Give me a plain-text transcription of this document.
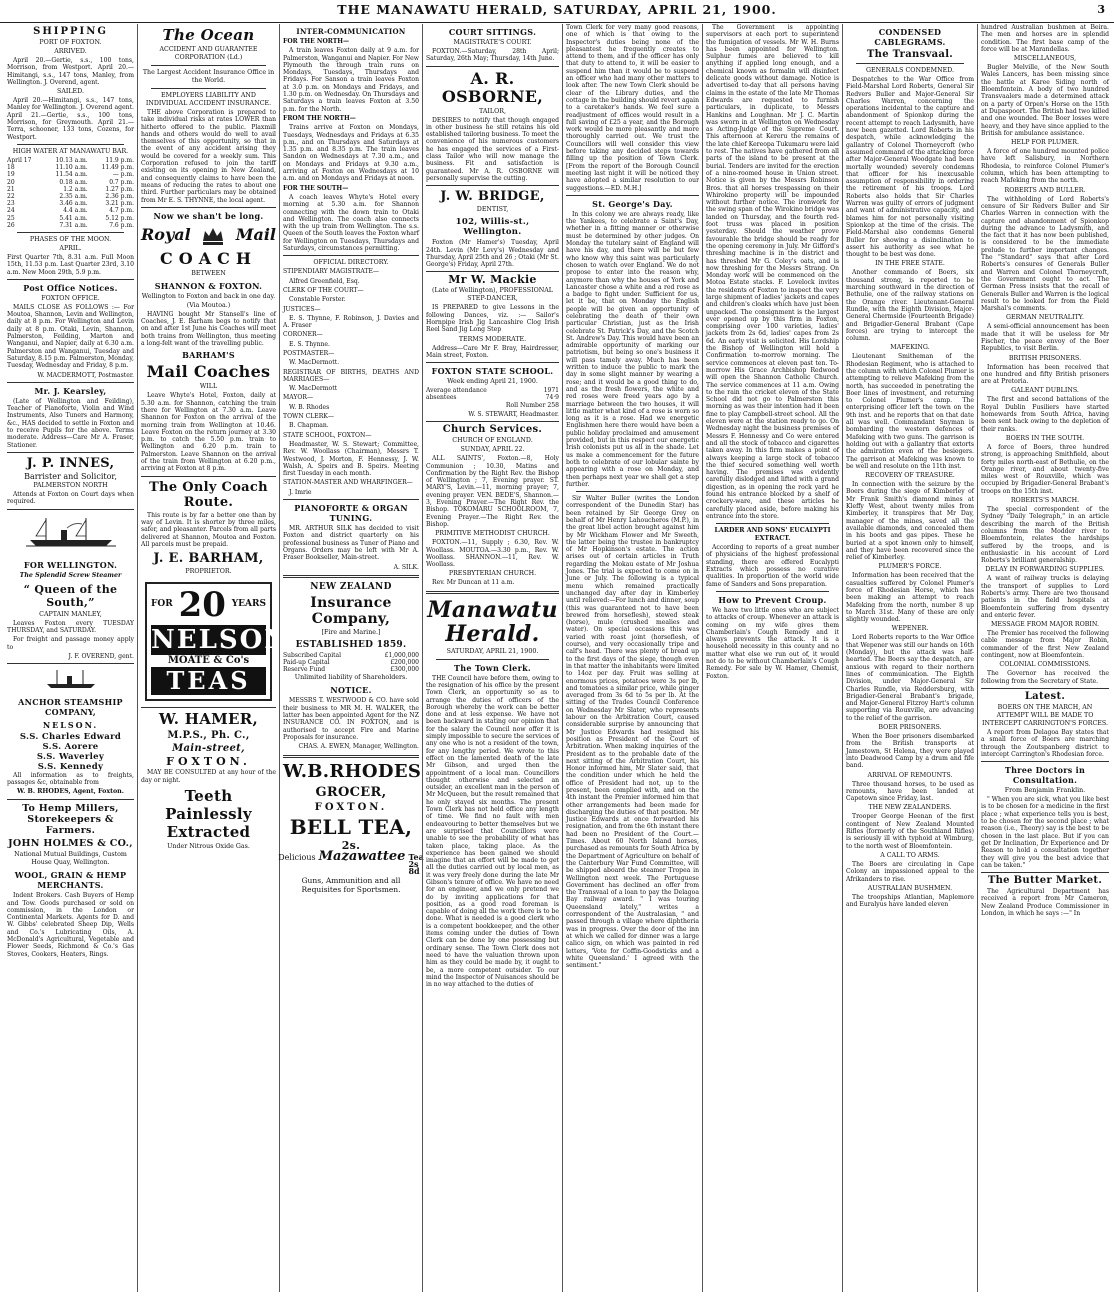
THE MANAWATU HERALD, SATURDAY, APRIL 21, 1900.	3
SHIPPING
PORT OF FOXTON.
ARRIVED.
April 20.—Gertie, s.s., 100 tons, Morrison, from Westport. April 20.—Himitangi, s.s., 147 tons, Manley, from Wellington. J. Overend, agent.
SAILED.
April 20.—Himitangi, s.s., 147 tons, Manley for Wellington. J. Overend agent. April 21.—Gertie, s.s., 100 tons, Morrison, for Greymouth. April 21.—Terra, schooner, 133 tons, Cozens, for Westport.
HIGH WATER AT MANAWATU BAR.
April 17	10.13 a.m.	11.9 p.m.
18	11.10 a.m.	11.49 p.m.
19	11.54 a.m.	— p.m.
20	0.18 a.m.	0.7 p.m.
21	1.2 a.m.	1.27 p.m.
22	2.35 a.m.	2.36 p.m.
23	3.46 a.m.	3.21 p.m.
24	4.4 a.m.	4.7 p.m.
25	5.41 a.m.	5.12 p.m.
26	7.31 a.m.	7.6 p.m.
PHASES OF THE MOON.
APRIL.
First Quarter 7th, 8.31 a.m. Full Moon 15th, 11.53 p.m. Last Quarter 23rd, 3.10 a.m. New Moon 29th, 5.9 p.m.
Post Office Notices.
FOXTON OFFICE.
MAILS CLOSE AS FOLLOWS :— For Moutoa, Shannon, Levin and Wellington, daily at 8 p.m. For Wellington and Levin daily at 8 p.m. Otaki, Levin, Shannon, Palmerston, Feilding, Marton and Wanganui, and Napier, daily at 6.30 a.m. Palmerston and Wanganui, Tuesday and Saturday, 8.15 p.m. Palmerston, Monday, Tuesday, Wednesday and Friday, 8 p.m.
W. MACDERMOTT, Postmaster.
Mr. J. Kearsley,
(Late of Wellington and Feilding), Teacher of Pianoforte, Violin and Wind Instruments, Also Tuners and Harmony, &c., HAS decided to settle in Foxton and to receive Pupils for the above. Terms moderate. Address—Care Mr A. Fraser, Stationer.
J. P. INNES,
Barrister and Solicitor,
PALMERSTON NORTH
Attends at Foxton on Court days when required.
FOR WELLINGTON.
The Splendid Screw Steamer
“ Queen of the South,”
CAPTAIN MANLEY,
Leaves Foxton every TUESDAY THURSDAY, and SATURDAY.
For freight and passage money apply to
J. F. OVEREND, gent.
ANCHOR STEAMSHIP COMPANY,
NELSON.
S.S. Charles Edward
S.S. Aorere
S.S. Waverley
S.S. Kennedy
All information as to freights, passages &c, obtainable from
W. B. RHODES, Agent, Foxton.
To Hemp Millers, Storekeepers & Farmers.
JOHN HOLMES & CO.,
National Mutual Buildings, Custom House Quay, Wellington.
WOOL, GRAIN & HEMP MERCHANTS.
Indent Brokers. Cash Buyers of Hemp and Tow. Goods purchased or sold on commission, in the London or Continental Markets. Agents for D. and W. Gibbs' celebrated Sheep Dip, Wells and Co.'s Lubricating Oils, A. McDonald's Agricultural, Vegetable and Flower Seeds, Richmond & Co.'s Gas Stoves, Cookers, Heaters, Rings.
The Ocean
ACCIDENT AND GUARANTEE CORPORATION (Ld.)
The Largest Accident Insurance Office in the World.
EMPLOYERS LIABILITY AND INDIVIDUAL ACCIDENT INSURANCE.
THE above Corporation is prepared to take individual risks at rates LOWER than hitherto offered to the public. Plaxmill hands and others would do well to avail themselves of this opportunity, so that in the event of any accident arising they would be covered for a weekly sum. This Corporation refused to join the tariff existing on its opening in New Zealand, and consequently claims to have been the means of reducing the rates to about one third. Further particulars may be obtained from Mr E. S. THYNNE, the local agent.
Now we shan't be long.
Royal	Mail
COACH
BETWEEN
SHANNON & FOXTON.
Wellington to Foxton and back in one day.
(Via Moutoa.)
HAVING bought Mr Stansell's line of Coaches, J. E. Barham begs to notify that on and after 1st June his Coaches will meet both trains from Wellington, thus meeting a long-felt want of the travelling public.
BARHAM'S
Mail Coaches
WILL
Leave Whyte's Hotel, Foxton, daily at 5.30 a.m. for Shannon, catching the train there for Wellington at 7.30 a.m. Leave Shannon for Foxton on the arrival of the morning train from Wellington at 10.46. Leave Foxton on the return journey at 3.30 p.m. to catch the 5.50 p.m. train to Wellington and 6.20 p.m. train to Palmerston. Leave Shannon on the arrival of the train from Wellington at 6.20 p.m., arriving at Foxton at 8 p.m.
The Only Coach Route.
This route is by far a better one than by way of Levin. It is shorter by three miles, safer, and pleasanter. Parcels from all parts delivered at Shannon, Moutoa and Foxton. All parcels must be prepaid.
J. E. BARHAM,
PROPRIETOR.
FOR 20 YEARS
NELSON
MOATE & Co's
TEAS
W. HAMER,
M.P.S., Ph. C.,
Main-street,
FOXTON.
MAY BE CONSULTED at any hour of the day or night.
Teeth Painlessly Extracted
Under Nitrous Oxide Gas.
INTER-COMMUNICATION
FOR THE NORTH—
A train leaves Foxton daily at 9 a.m. for Palmerston, Wanganui and Napier. For New Plymouth the through train runs on Mondays, Tuesdays, Thursdays and Fridays. For Sanson a train leaves Foxton at 3.0 p.m. on Mondays and Fridays, and 1.30 p.m. on Wednesday. On Thursdays and Saturdays a train leaves Foxton at 3.50 p.m. for the North.
FROM THE NORTH—
Trains arrive at Foxton on Mondays, Tuesdays, Wednesdays and Fridays at 6.35 p.m., and on Thursdays and Saturdays at 1.35 p.m. and 8.35 p.m. The train leaves Sandon on Wednesdays at 7.30 a.m., and on Mondays and Fridays at 9.30 a.m., arriving at Foxton on Wednesdays at 10 a.m. and on Mondays and Fridays at noon.
FOR THE SOUTH—
A coach leaves Whyte's Hotel every morning at 5.30 a.m. for Shannon connecting with the down train to Otaki and Wellington. The coach also connects with the up train from Wellington. The s.s. Queen of the South leaves the Foxton wharf for Wellington on Tuesdays, Thursdays and Saturdays, circumstances permitting.
OFFICIAL DIRECTORY.
STIPENDIARY MAGISTRATE—
Alfred Greenfield, Esq.
CLERK OF THE COURT—
Constable Forster.
JUSTICES—
E. S. Thynne, F. Robinson, J. Davies and A. Fraser
CORONER—
E. S. Thynne.
POSTMASTER—
W. MacDermott.
REGISTRAR OF BIRTHS, DEATHS AND MARRIAGES—
W. MacDermott
MAYOR—
W. B. Rhodes
TOWN CLERK—
B. Chapman.
STATE SCHOOL, FOXTON—
Headmaster, W. S. Stewart; Committee, Rev. W. Woollass (Chairman), Messrs T. Westwood, J. Morton, F. Hennessy, J. W. Walsh, A. Speirs and B. Speirs. Meeting first Tuesday in each month.
STATION-MASTER AND WHARFINGER—
J. Imrie
PIANOFORTE & ORGAN TUNING.
MR. ARTHUR SILK has decided to visit Foxton and district quarterly on his professional business as Tuner of Piano and Organs. Orders may be left with Mr A. Fraser Bookseller, Main-street.
A. SILK.
NEW ZEALAND
Insurance Company,
[Fire and Marine.]
ESTABLISHED 1859.
Subscribed Capital	£1,000,000
Paid-up Capital	£200,000
Reserve Fund	£300,000
Unlimited liability of Shareholders.
NOTICE.
MESSRS T. WESTWOOD & CO. have sold their business to MR M. H. WALKER, the latter has been appointed Agent for the NZ INSURANCE CO. IN FOXTON, and is authorised to accept Fire and Marine Proposals for insurance.
CHAS. A. EWEN, Manager, Wellington.
W.B.RHODES
GROCER,
FOXTON.
BELL TEA,
2s.
Delicious Mazawattee Tea 2s 8d
Guns, Ammunition and all Requisites for Sportsmen.
COURT SITTINGS.
MAGISTRATE'S COURT.
FOXTON.—Saturday, 28th April; Saturday, 26th May; Thursday, 14th June.
A. R. OSBORNE,
TAILOR,
DESIRES to notify that though engaged in other business he still retains his old established tailoring business. To meet the convenience of his numerous customers he has engaged the services of a First-class Tailor who will now manage the business. Fit and satisfaction is guaranteed. Mr A. R. OSBORNE will personally supervise the cutting.
J. W. BRIDGE,
DENTIST,
102, Willis-st., Wellington.
Foxton (Mr Hamer's) Tuesday, April 24th. Levin (Mr Levy's) Wednesday and Thursday, April 25th and 26 ; Otaki (Mr St. George's) Friday, April 27th.
Mr W. Mackie
(Late of Wellington), PROFESSIONAL STEP-DANCER,
IS PREPARED to give Lessons in the following Dances, viz. :— Sailor's Hornpipe Irish Jig Lancashire Clog Irish Reel Sand Jig Long Step
TERMS MODERATE.
Address—Care Mr F. Bray, Hairdresser, Main street, Foxton.
FOXTON STATE SCHOOL.
Week ending April 21, 1900.
Average attendance	1971
absentees	74·9
Roll Number 258
W. S. STEWART, Headmaster.
Church Services.
CHURCH OF ENGLAND.
SUNDAY, APRIL 22.
ALL SAINTS', Foxton.—8, Holy Communion ; 10.30, Matins and Confirmation by the Right Rev. the Bishop of Wellington ; 7, Evening prayer. ST. MARY'S, Levin.—11, morning prayer; 7, evening prayer. VEN. BEDE'S, Shannon.— 3, Evening Prayer.—The Right Rev. the Bishop. TOKOMARU SCHOOLROOM, 7, Evening Prayer.—The Right Rev. the Bishop.
PRIMITIVE METHODIST CHURCH.
FOXTON.—11, Supply ; 6.30, Rev. W. Woollass. MOUTOA.—3.30 p.m., Rev. W. Woollass. SHANNON.—11, Rev. W. Woollass.
PRESBYTERIAN CHURCH.
Rev. Mr Duncan at 11 a.m.
Manawatu Herald.
SATURDAY, APRIL 21, 1900.
The Town Clerk.
THE Council have before them, owing to the resignation of his office by the present Town Clerk, an opportunity so as to arrange the duties of officers of the Borough whereby the work can be better done and at less expense. We have not been backward in stating our opinion that for the salary the Council now offer it is simply impossible to secure the services of any one who is not a resident of the town, for any lengthy period. We wrote to this effect on the lamented death of the late Mr Gibson, and urged then the appointment of a local man. Councillors thought otherwise and selected an outsider, an excellent man in the person of Mr McQueen, but the result remained that he only stayed six months. The present Town Clerk has not held office any length of time. We find no fault with men endeavouring to better themselves but we are surprised that Councillors were unable to see the probability of what has taken place, taking place. As the experience has been gained we should imagine that an effort will be made to get all the duties carried out by local men, as it was very freely done during the late Mr Gibson's tenure of office. We have no need for an engineer, and we only pretend we do by inviting applications for that position, as a good road foreman is capable of doing all the work there is to be done. What is needed is a good clerk who is a competent bookkeeper, and the other items coming under the duties of Town Clerk can be done by one possessing but ordinary sense. The Town Clerk does not need to have the valuation thrown upon him as they could be made by, it ought to be, a more competent outsider. To our mind the Inspector of Nuisances should be in no way attached to the duties of
Town Clerk for very many good reasons, one of which is that owing to the Inspector's duties being none of the pleasantest he frequently creates to attend to them, and if the officer has only that duty to attend to, it will be easier to suspend him than it would be to suspend an officer who had many other matters to look after. The new Town Clerk should be clear of the Library duties, and the cottage in the building should revert again to a caretaker's hands. We feel sure a readjustment of offices would result in a full saving of £25 a year, and the Borough work would be more pleasantly and more thoroughly carried out. We trust the Councillors will well consider this view before taking any decided steps towards filling up the position of Town Clerk. [From the report of the Borough Council meeting last night it will be noticed they have adopted a similar resolution to our suggestions.—ED. M.H.]
St. George's Day.
In this colony we are always ready, like the Yankees, to celebrate a Saint's Day, whether in a fitting manner or otherwise must be determined by other judges. On Monday the tutelary saint of England will have his day, and there will be but few who know why this saint was particularly chosen to watch over England. We do not propose to enter into the reason why, anymore than why the houses of York and Lancaster chose a white and a red rose as a badge to fight under. Sufficient for us, let it be, that on Monday the English people will be given an opportunity of celebrating the death of their own particular Christian, just as the Irish celebrate St. Patrick's Day, and the Scotch St. Andrew's Day. This would have been an admirable opportunity of marking our patriotism, but being so one's business it will pass tamely away. Much has been written to induce the public to mark the day in some slight manner by wearing a rose; and it would be a good thing to do, and as the fresh flowers, the white and red roses were freed years ago by a marriage between the two houses, it will little matter what kind of a rose is worn so long as it is a rose. Had we energetic Englishmen here there would have been a public holiday proclaimed and amusement provided, but in this respect our energetic Irish colonists put us all in the shade. Let us make a commencement for the future both to celebrate of our lobular sainte by appearing with a rose on Monday, and then perhaps next year we shall get a step further.
Sir Walter Buller (writes the London correspondent of the Dunedin Star) has been retained by Sir George Grey on behalf of Mr Henry Lahoucheros (M.P.), in the great libel action brought against him by Mr Wickham Flower and Mr Sweeth, the latter being the trustee in bankruptcy of Mr Hopkinson's estate. The action arises out of certain articles in Truth regarding the Mokau estate of Mr Joshua Jones. The trial is expected to come on in June or July. The following is a typical menu which remained practically unchanged day after day in Kimberley until relieved:—For lunch and dinner, soup (this was guaranteed not to have been brewed from horseflesh), stewed steak (horse), mule (crushed mealies and water). On special occasions this was varied with roast joint (horseflesh, of course), and very occasionally tripe and calf's head. There was plenty of bread up to the first days of the siege, though even in that matter the inhabitants were limited to 14oz per day. Fruit was selling at enormous prices, potatoes were 3s per lb, and tomatoes a similar price, while ginger averaged from 3s 6d to 5s per lb. At the sitting of the Trades Council Conference on Wednesday Mr Slater, who represents labour on the Arbitration Court, caused considerable surprise by announcing that Mr Justice Edwards had resigned his position as President of the Court of Arbitration. When making inquiries of the President as to the probable date of the next sitting of the Arbitration Court, his Honor informed him, Mr Slater said, that the condition under which he held the office of President had not, up to the present, been complied with, and on the 4th instant the Premier informed him that other arrangements had been made for discharging the duties of that position. Mr Justice Edwards at once forwarded his resignation, and from the 6th instant there had been no President of the Court.—Times. About 60 North Island horses, purchased as remounts for South Africa by the Department of Agriculture on behalf of the Canterbury War Fund Committee, will be shipped aboard the steamer Tropea in Wellington next week. The Portuguese Government has declined an offer from the Transvaal of a loan to pay the Delagoa Bay railway award. " I was touring Queensland lately," writes a correspondent of the Australasian, " and passed through a village where diphtheria was in progress. Over the door of the inn at which we called for dinner was a large calico sign, on which was painted in red letters, 'Vote for Coffin-Goodsticks and a white Queensland.' I agreed with the sentiment."
The Government is appointing supervisors at each port to superintend the fumigation of vessels. Mr W. H. Burns has been appointed for Wellington. Sulphur fumes are believed to kill anything if applied long enough, and a chemical known as formalin will disinfect delicate goods without damage. Notice is advertised to-day that all persons having claims in the estate of the late Mr Thomas Edwards are requested to furnish particulars, in duplicate, to Messrs Hankins and Loughnan. Mr J. C. Martin was sworn in at Wellington on Wednesday as Acting-Judge of the Supreme Court. This afternoon at Kereru the remains of the late chief Kereopa Tukumaru were laid to rest. The natives have gathered from all parts of the island to be present at the burial. Tenders are invited for the erection of a nine-roomed house in Union street. Notice is given by the Messrs Robinson Bros. that all horses trespassing on their Whirokino property will be impounded without further notice. The ironwork for the swing span of the Wirokino bridge was landed on Thursday, and the fourth red-foot truss was placed in position yesterday. Should the weather prove favourable the bridge should be ready for the opening ceremony in July. Mr Gifford's threshing machine is in the district and has threshed Mr G. Coley's oats, and is now threshing for the Messrs Strang. On Monday work will be commenced on the Motoa Estate stacks. F. Lovelock invites the residents of Foxton to inspect the very large shipment of ladies' jackets and capes and children's cloaks which have just been unpacked. The consignment is the largest ever opened up by this firm in Foxton, comprising over 100 varieties, ladies' jackets from 2s 6d, ladies' capes from 2s 6d. An early visit is solicited. His Lordship the Bishop of Wellington will hold a Confirmation to-morrow morning. The service commences at eleven past ten. To-morrow His Grace Archbishop Redwood will open the Shannon Catholic Church. The service commences at 11 a.m. Owing to the rain the cricket eleven of the State School did not go to Palmerston this morning as was their intention had it been fine to play Campbell-street school. All the eleven were at the station ready to go. On Wednesday night the business premises of Messrs F. Hennessy and Co were entered and all the stock of tobacco and cigarettes taken away. In this firm makes a point of always keeping a large stock of tobacco the thief secured something well worth having. The premises was evidently carefully dislodged and lifted with a grand digestion, as in opening the rock yard he found his entrance blocked by a shelf of crockery-ware, and these articles he carefully placed aside, before making his entrance into the store.
LARDER AND SONS' EUCALYPTI EXTRACT.
According to reports of a great number of physicians of the highest professional standing, there are offered Eucalypti Extracts which possess no curative qualities. In proportion of the world wide fame of Sanders and Sons preparation.
How to Prevent Croup.
We have two little ones who are subject to attacks of croup. Whenever an attack is coming on my wife gives them Chamberlain's Cough Remedy and it always prevents the attack. It is a household necessity in this county and no matter what else we run out of, it would not do to be without Chamberlain's Cough Remedy. For sale by W. Hamer, Chemist, Foxton.
CONDENSED CABLEGRAMS.
The Transvaal.
GENERALS CONDEMNED.
Despatches to the War Office from Field-Marshal Lord Roberts, General Sir Redvers Buller and Major-General Sir Charles Warren, concerning the operations incidental to the capture and abandonment of Spionkop during the recent attempt to reach Ladysmith, have now been gazetted. Lord Roberts in his despatch, while acknowledging the gallantry of Colonel Thorneycroft (who assumed command of the attacking force after Major-General Woodgate had been mortally wounded) severely condemns that officer for his inexcusable assumption of responsibility in ordering the retirement of his troops. Lord Roberts also holds that Sir Charles Warren was guilty of errors of judgment and want of administrative capacity, and blames him for not personally visiting Spionkop at the time of the crisis. The Field-Marshal also condemns General Buller for showing a disinclination to assert his authority as see what he thought to be best was done.
IN THE FREE STATE.
Another commando of Boers, six thousand strong, is reported to be marching southward in the direction of Bethulie, one of the railway stations on the Orange river. Lieutenant-General Rundle, with the Eighth Division, Major-General Chermside (Fourteenth Brigade) and Brigadier-General Brabant (Cape forces) are trying to intercept the column.
MAFEKING.
Lieutenant Smitheman of the Rhodesian Regiment, who is attached to the column with which Colonel Plumer is attempting to relieve Mafeking from the north, has succeeded in penetrating the Boer lines of investment, and returning to Colonel Plumer's camp. The enterprising officer left the town on the 9th inst. and he reports that on that date all was well. Commandant Snyman is bombarding the western defences of Mafeking with two guns. The garrison is holding out with a gallantry that extorts the admiration even of the besiegers. The garrison at Mafeking was known to be well and resolute on the 11th inst.
RECOVERY OF TREASURE.
In connection with the seizure by the Boers during the siege of Kimberley of Mr Frank Smith's diamond mines at Kleffy West, about twenty miles from Kimberley, it transpires that Mr Day, manager of the mines, saved all the available diamonds, and concealed them in his boots and gas pipes. These he buried at a spot known only to himself, and they have been recovered since the relief of Kimberley.
PLUMER'S FORCE.
Information has been received that the casualties suffered by Colonel Plumer's force of Rhodesian Horse, which has been making an attempt to reach Mafeking from the north, number 8 up to March 31st. Many of these are only slightly wounded.
WEPENER.
Lord Roberts reports to the War Office that Wepener was still our hands on 16th (Monday), but the attack was half-hearted. The Boers say the despatch, are anxious with regard to their northern lines of communication. The Eighth Division, under Major-General Sir Charles Rundle, via Reddersburg, with Brigadier-General Brabant's brigade, and Major-General Fitzroy Hart's column supporting via Rouxville, are advancing to the relief of the garrison.
BOER PRISONERS.
When the Boer prisoners disembarked from the British transports at Jamestown, St Helena, they were played into Deadwood Camp by a drum and fife band.
ARRIVAL OF REMOUNTS.
Three thousand horses, to be used as remounts, have been landed at Capetown since Friday, last.
THE NEW ZEALANDERS.
Trooper George Heenan of the first contingent of New Zealand Mounted Rifles (formerly of the Southland Rifles) is seriously ill with typhoid at Wimburg, to the north west of Bloemfontein.
A CALL TO ARMS.
The Boers are circulating in Cape Colony an impassioned appeal to the Afrikanders to rise.
AUSTRALIAN BUSHMEN.
The troopships Atlantian, Maplemore and Euralyus have landed eleven
hundred Australian bushmen at Beira. The men and horses are in splendid condition. The first base camp of the force will be at Marandellas.
MISCELLANEOUS,
Bugler Melville, of the New South Wales Lancers, has been missing since the battle at Karee Siding north of Bloemfontein. A body of two hundred Transvaalers made a determined attack on a party of Orpen's Horse on the 15th at Dupaspoort. The British had two killed and one wounded. The Boer losses were heavy, and they have since applied to the British for ambulance assistance.
HELP FOR PLUMER.
A force of one hundred mounted police have left Salisbury, in Northern Rhodesia, to reinforce Colonel Plumer's column, which has been attempting to reach Mafeking from the north.
ROBERTS AND BULLER.
The withholding of Lord Roberts's censure of Sir Redvers Buller and Sir Charles Warren in connection with the capture and abandonment of Spionkop during the advance to Ladysmith, and the fact that it has now been published, is considered to be the immediate prelude to further important changes. The "Standard" says that after Lord Roberts's censures of Generals Buller and Warren and Colonel Thorneycroft, the Government ought to act. The German Press insists that the recall of Generals Buller and Warren is the logical result to be looked for from the Field Marshal's comments.
GERMAN NEUTRALITY.
A semi-official announcement has been made that it will be useless for Mr Fischer, the peace envoy of the Boer Republics, to visit Berlin.
BRITISH PRISONERS.
Information has been received that one hundred and fifty British prisoners are at Pretoria.
GALEANT DUBLINS.
The first and second battalions of the Royal Dublin Fusiliers have started homewards from South Africa, having been sent back owing to the depletion of their ranks.
BOERS IN THE SOUTH.
A force of Boers, three hundred strong, is approaching Smithfield, about forty miles north-east of Bethulie, on the Orange river, and about twenty-five miles west of Rouxville, which was occupied by Brigadier-General Brabant's troops on the 15th inst.
ROBERTS'S MARCH.
The special correspondent of the Sydney "Daily Telegraph," in an article describing the march of the British columns from the Modder river to Bloemfontein, relates the hardships suffered by the troops, and is enthusiastic in his account of Lord Roberts's brilliant generalship.
DELAY IN FORWARDING SUPPLIES.
A want of railway trucks is delaying the transport of supplies to Lord Roberts's army. There are two thousand patients in the field hospitals at Bloemfontein suffering from dysentry and enteric fever.
MESSAGE FROM MAJOR ROBIN.
The Premier has received the following cable message from Major Robin, commander of the first New Zealand contingent, now at Bloemfontein.
COLONIAL COMMISSIONS.
The Governor has received the following from the Secretary of State.
Latest.
BOERS ON THE MARCH, AN ATTEMPT WILL BE MADE TO INTERCEPT CARRINGTON'S FORCES.
A report from Delagoa Bay states that a small force of Boers are marching through the Zoutspanberg district to intercept Carrington's Rhodesian force.
Three Doctors in Consultation.
From Benjamin Franklin.
" When you are sick, what you like best is to be chosen for a medicine in the first place ; what experience tells you is best, to be chosen for the second place ; what reason (i.e., Theory) say is the best to be chosen in the last place. But if you can get Dr Inclination, Dr Experience and Dr Reason to hold a consultation together they will give you the best advice that can be taken."
The Butter Market.
The Agricultural Department has received a report from Mr Cameron, New Zealand Produce Commissioner in London, in which he says :—" In
